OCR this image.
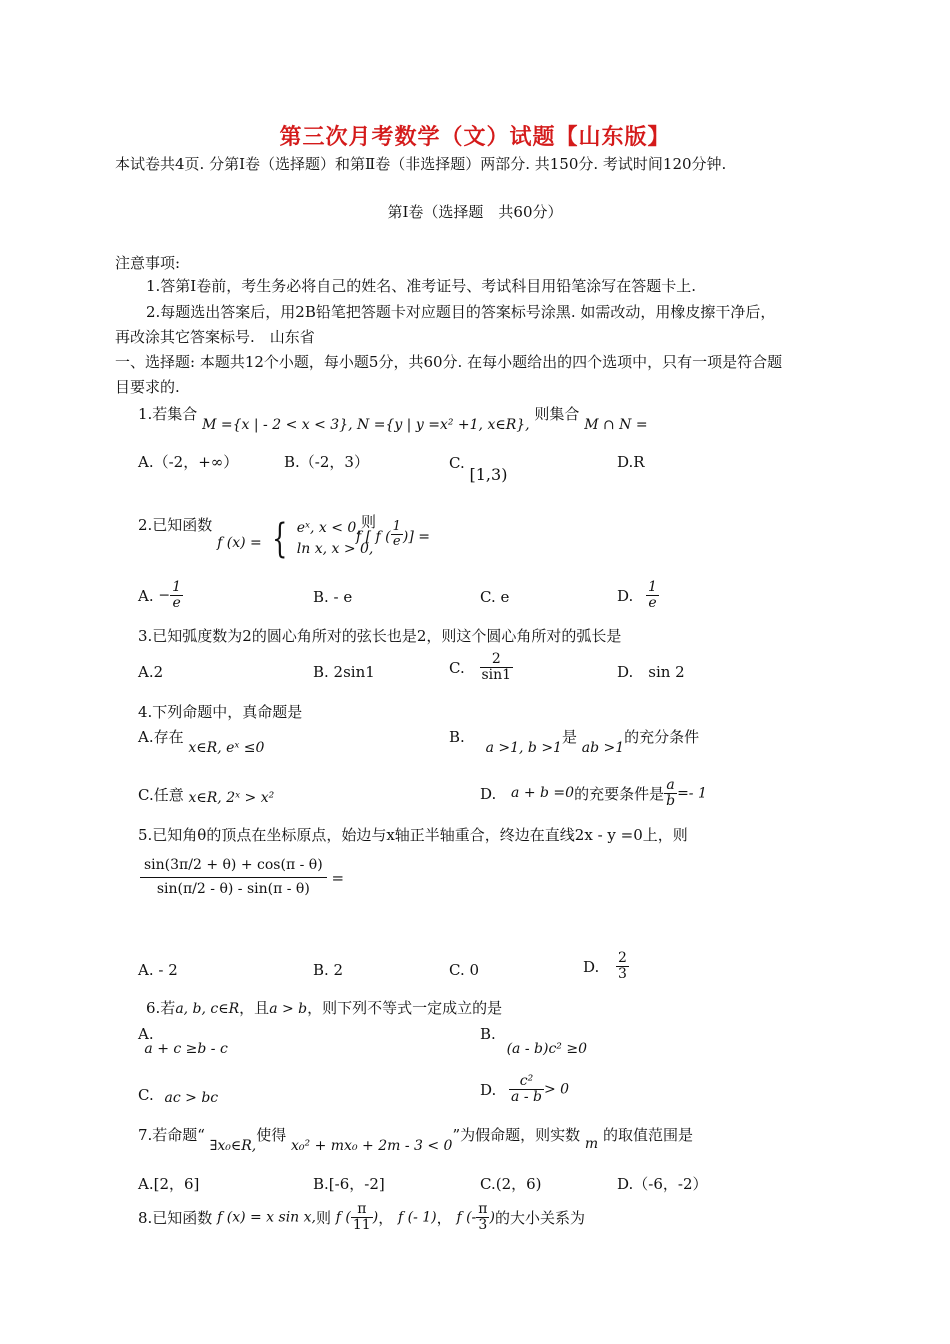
第三次月考数学（文）试题【山东版】
本试卷共4页. 分第Ⅰ卷（选择题）和第Ⅱ卷（非选择题）两部分. 共150分. 考试时间120分钟.
第Ⅰ卷（选择题　共60分）
注意事项:
1.答第Ⅰ卷前，考生务必将自己的姓名、准考证号、考试科目用铅笔涂写在答题卡上.
2.每题选出答案后，用2B铅笔把答题卡对应题目的答案标号涂黑. 如需改动，用橡皮擦干净后，
再改涂其它答案标号.　山东省
一、选择题: 本题共12个小题，每小题5分，共60分. 在每小题给出的四个选项中，只有一项是符合题
目要求的.
1.若集合 M ={x | - 2 < x < 3}, N ={y | y =x² +1, x∈R}, 则集合 M ∩ N =
A.（-2，+∞）	B.（-2，3）	C. [1,3)
D.R
2.已知函数 f (x) = { eˣ, x < 0,
ln x, x > 0,
则
f [ f ( $\frac{1}{e}$ )] =
A. − $\frac{1}{e}$	B. - e	C. e	D. $\frac{1}{e}$
3.已知弧度数为2的圆心角所对的弦长也是2，则这个圆心角所对的弧长是
A.2	B. 2sin1	C. $\frac{2}{\sin 1}$	D.　sin 2
4.下列命题中，真命题是
A.存在 x∈R, eˣ ≤0
B. a >1, b >1是 ab >1的充分条件
C.任意 x∈R, 2ˣ > x²	D. a + b =0的充要条件是 $\frac{a}{b} =- 1$
5.已知角θ的顶点在坐标原点，始边与x轴正半轴重合，终边在直线2x - y =0上，则
$\frac{\sin(3\pi/2 + \theta) + \cos(\pi - \theta)}{\sin(\pi/2 - \theta) - \sin(\pi - \theta)}$ =
A. - 2	B. 2	C. 0	D. $\frac{2}{3}$
6.若a, b, c∈R，且a > b，则下列不等式一定成立的是
A. a + c ≥b - c
B. (a - b)c² ≥0
C. ac > bc	D. $\frac{\text{c²}}{a - b} > 0$
7.若命题“ ∃x₀∈R,使得 x₀² + mx₀ + 2m - 3 < 0”为假命题，则实数 m 的取值范围是
A.[2，6]	B.[-6，-2]	C.(2，6)	D.（-6，-2）
8.已知函数 f (x) = x sin x,则 f ( $\frac{\pi}{11}$ )， f (- 1)， f (- $\frac{\pi}{3}$ )的大小关系为
